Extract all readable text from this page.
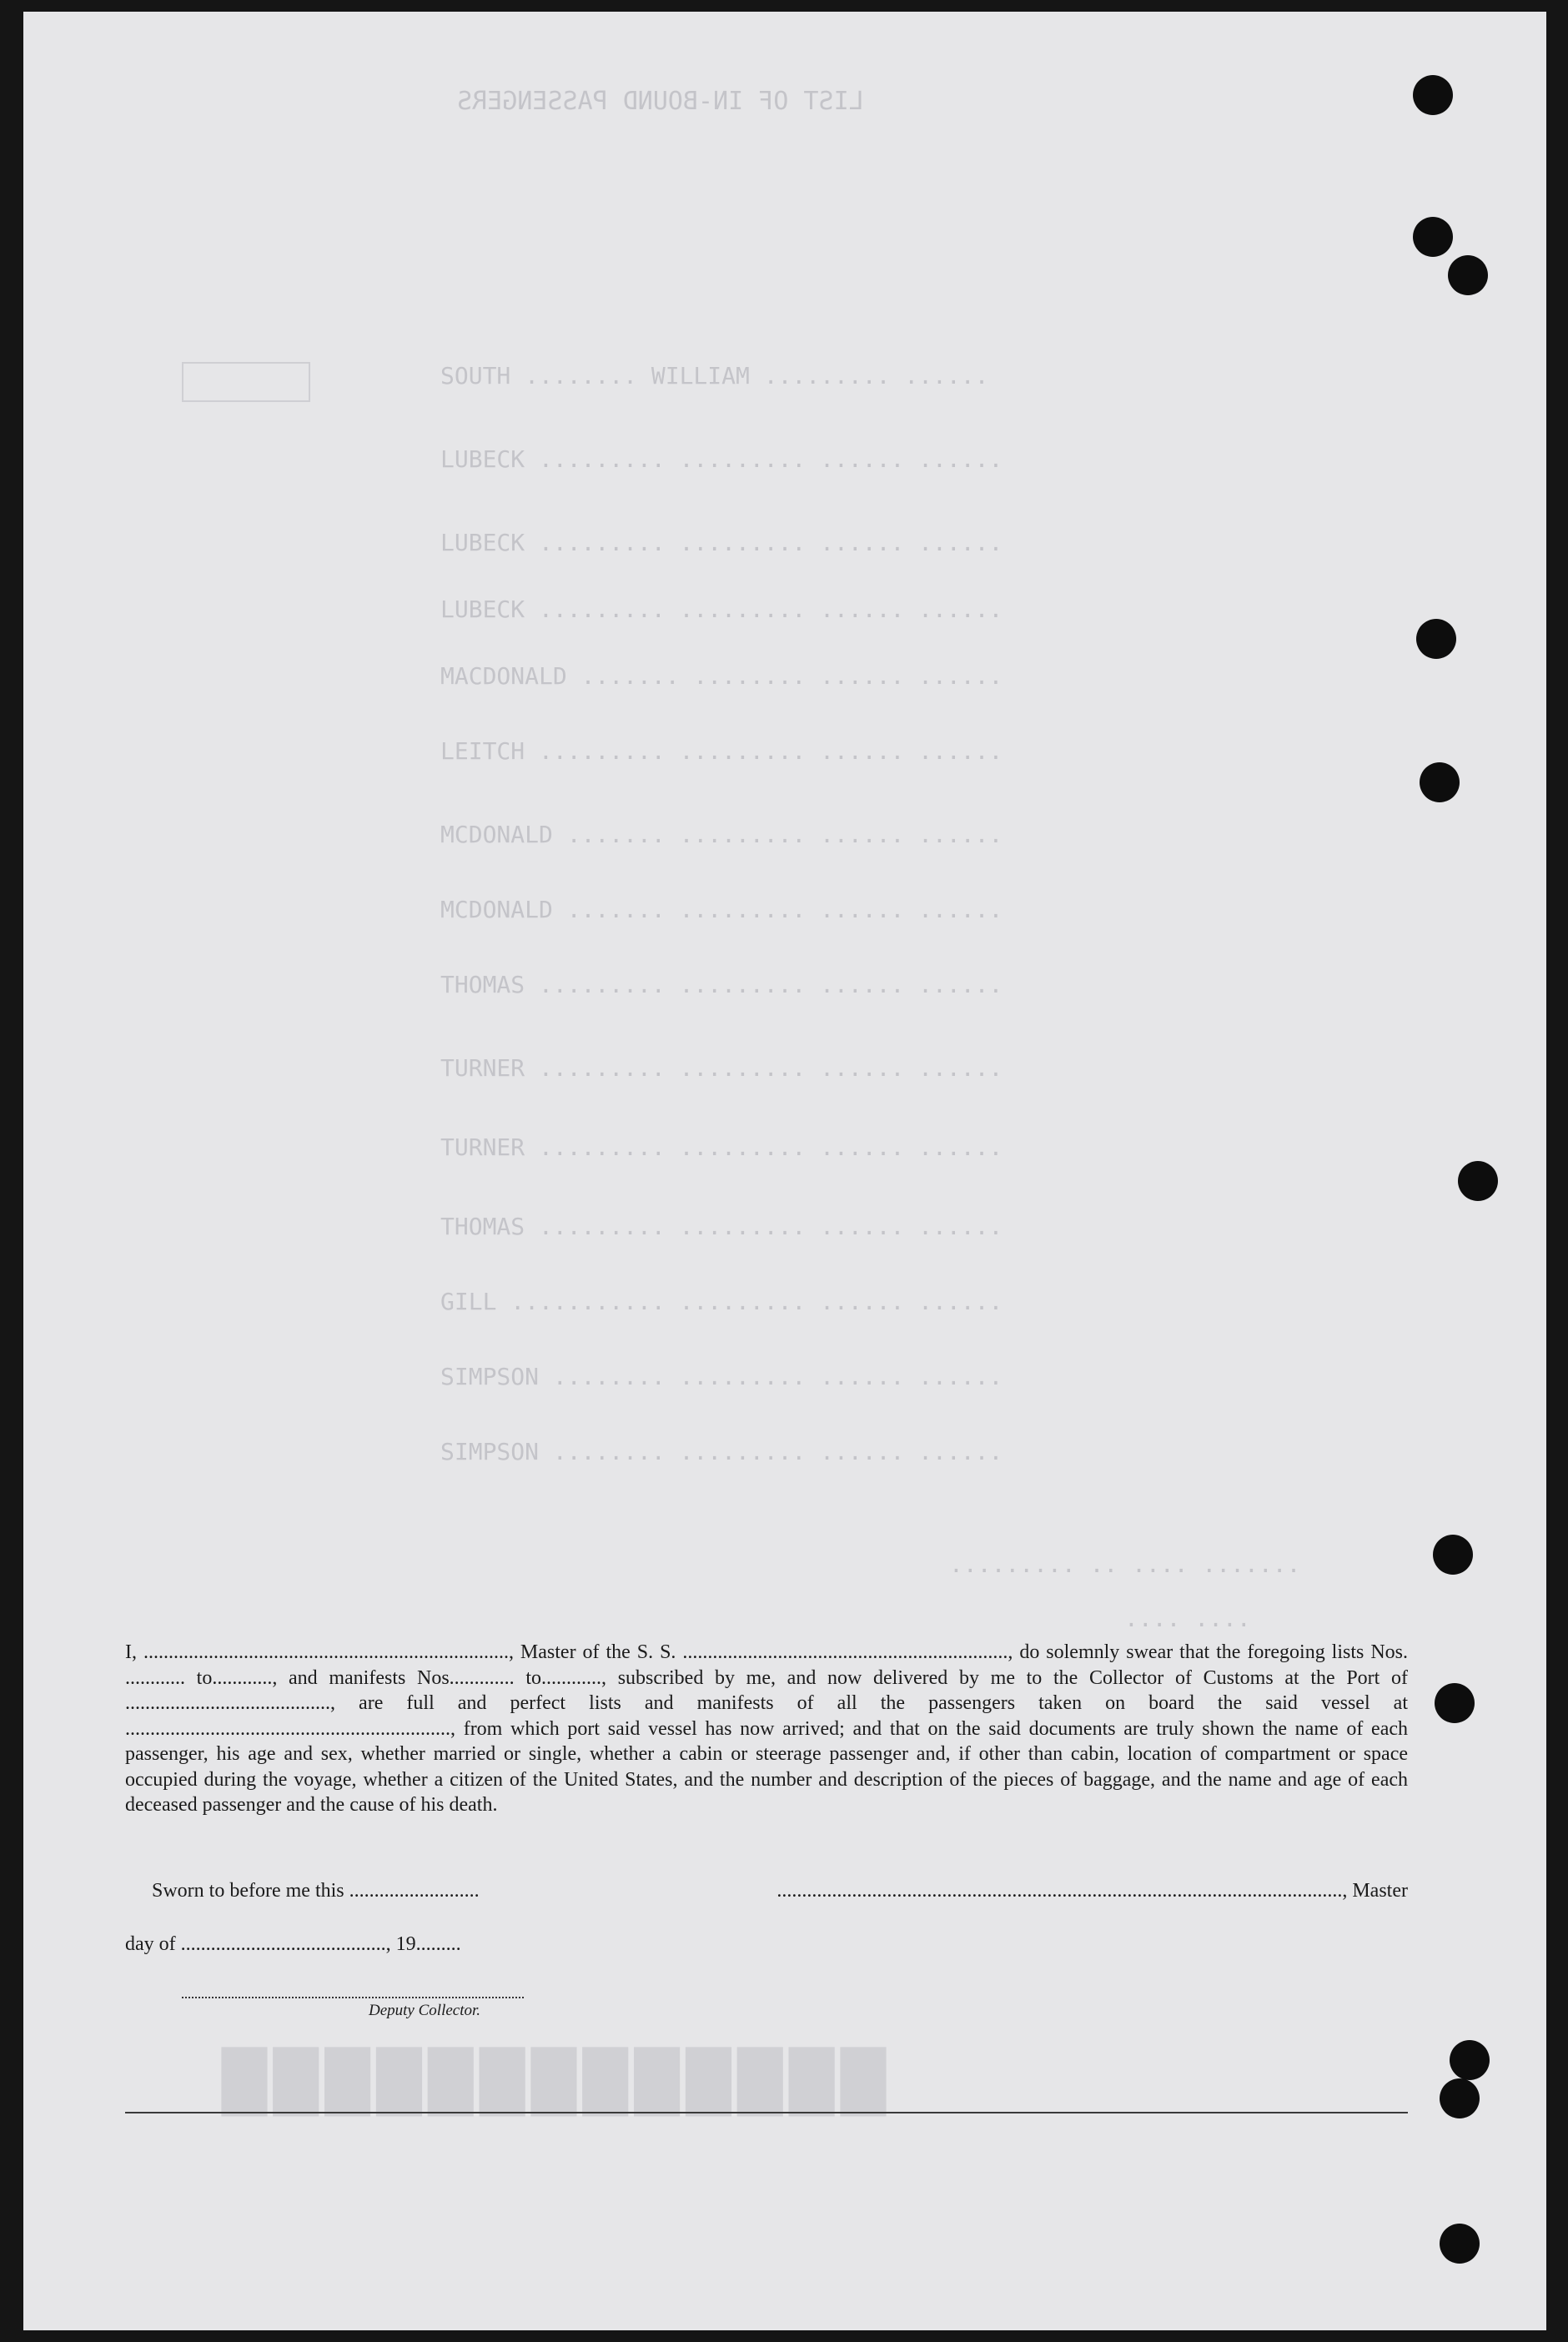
LIST OF IN-BOUND PASSENGERS
SOUTH ........ WILLIAM ......... ......
LUBECK ......... ......... ...... ......
LUBECK ......... ......... ...... ......
LUBECK ......... ......... ...... ......
MACDONALD ....... ........ ...... ......
LEITCH ......... ......... ...... ......
MCDONALD ....... ......... ...... ......
MCDONALD ....... ......... ...... ......
THOMAS ......... ......... ...... ......
TURNER ......... ......... ...... ......
TURNER ......... ......... ...... ......
THOMAS ......... ......... ...... ......
GILL ........... ......... ...... ......
SIMPSON ........ ......... ...... ......
SIMPSON ........ ......... ...... ......
......... .. .... .......
.... ....
█████████████
I, ........................................................................., Master of the S. S. ................................................................., do solemnly swear that the foregoing lists Nos. ............ to............, and manifests Nos............. to............, subscribed by me, and now delivered by me to the Collector of Customs at the Port of ........................................., are full and perfect lists and manifests of all the passengers taken on board the said vessel at ................................................................., from which port said vessel has now arrived; and that on the said documents are truly shown the name of each passenger, his age and sex, whether married or single, whether a cabin or steerage passenger and, if other than cabin, location of compartment or space occupied during the voyage, whether a citizen of the United States, and the number and description of the pieces of baggage, and the name and age of each deceased passenger and the cause of his death.
Sworn to before me this ..........................	................................................................................................................., Master
day of ........................................., 19.........
Deputy Collector.
